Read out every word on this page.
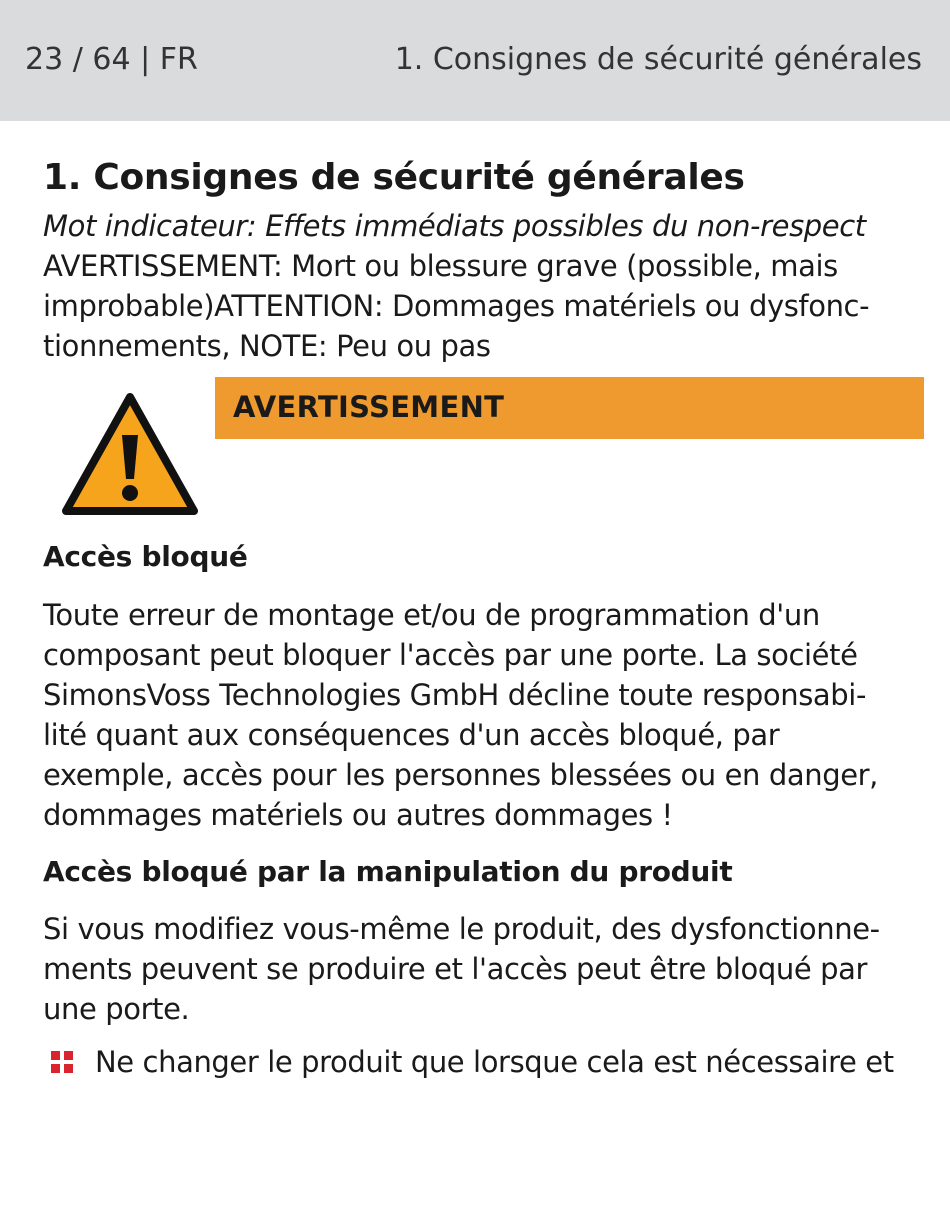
23 / 64 | FR	1. Consignes de sécurité générales
1. Consignes de sécurité générales

Mot indicateur: Effets immédiats possibles du non-respect
AVERTISSEMENT: Mort ou blessure grave (possible, mais
improbable)ATTENTION: Dommages matériels ou dysfonc-
tionnements, NOTE: Peu ou pas

AVERTISSEMENT
Accès bloqué

Toute erreur de montage et/ou de programmation d'un
composant peut bloquer l'accès par une porte. La société
SimonsVoss Technologies GmbH décline toute responsabi-
lité quant aux conséquences d'un accès bloqué, par
exemple, accès pour les personnes blessées ou en danger,
dommages matériels ou autres dommages !

Accès bloqué par la manipulation du produit

Si vous modifiez vous-même le produit, des dysfonctionne-
ments peuvent se produire et l'accès peut être bloqué par
une porte.

Ne changer le produit que lorsque cela est nécessaire et
